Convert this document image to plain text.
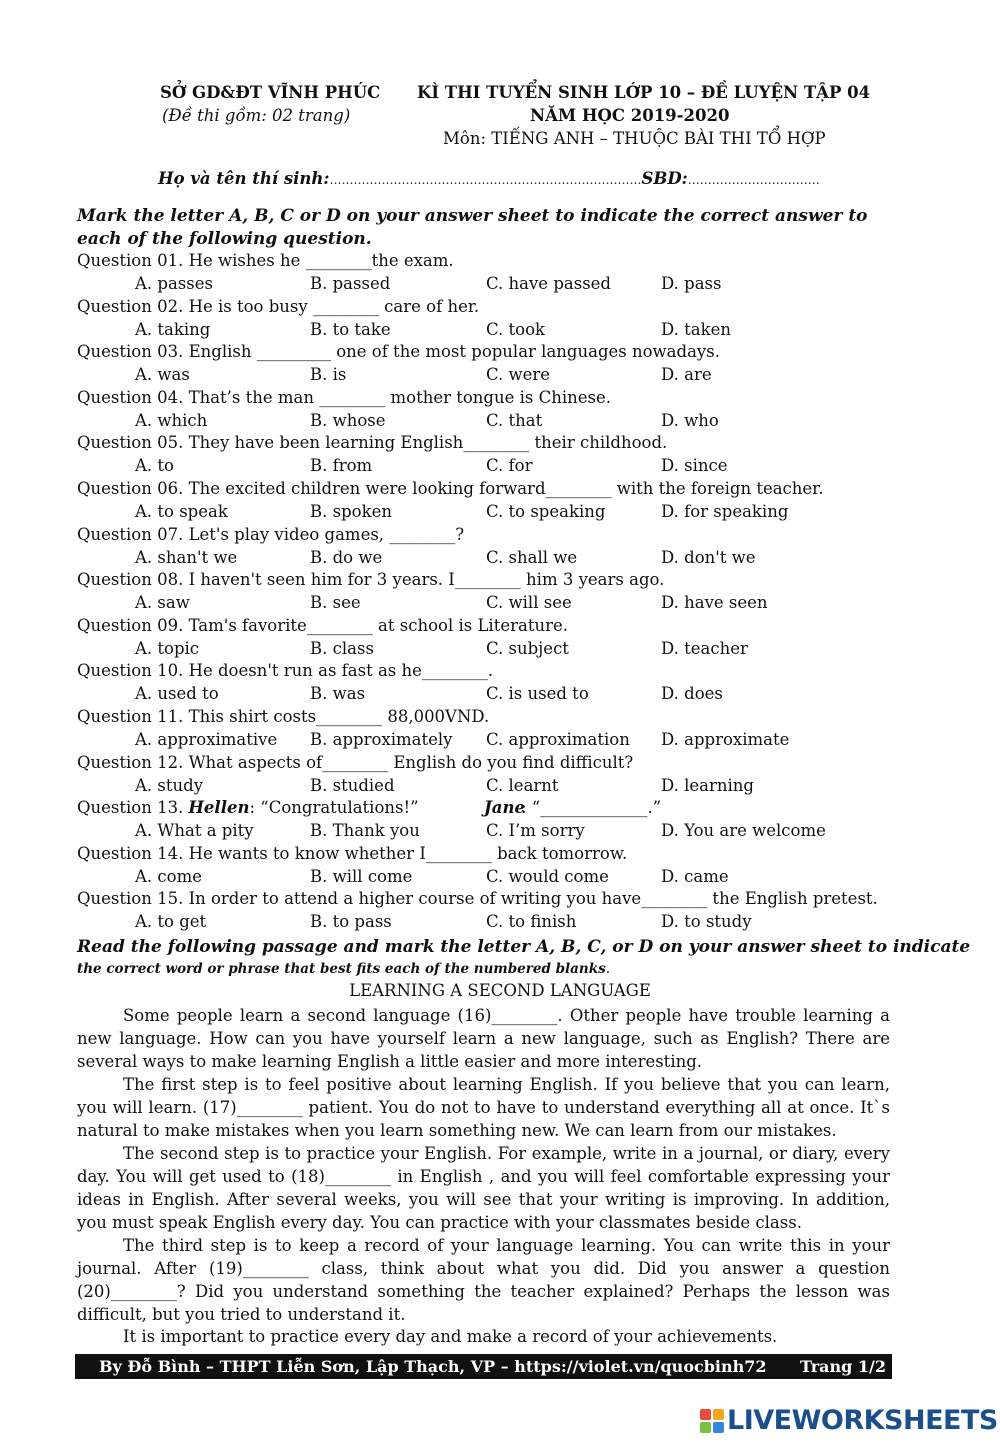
SỞ GD&ĐT VĨNH PHÚC
(Đề thi gồm: 02 trang)
KÌ THI TUYỂN SINH LỚP 10 – ĐỀ LUYỆN TẬP 04
NĂM HỌC 2019-2020
Môn: TIẾNG ANH – THUỘC BÀI THI TỔ HỢP
Họ và tên thí sinh:……………………………………………………………………SBD:……………………………
Mark the letter A, B, C or D on your answer sheet to indicate the correct answer to each of the following question.
Question 01. He wishes he ________the exam.
A. passes	B. passed	C. have passed	D. pass
Question 02. He is too busy ________ care of her.
A. taking	B. to take	C. took	D. taken
Question 03. English _________ one of the most popular languages nowadays.
A. was	B. is	C. were	D. are
Question 04. That’s the man ________ mother tongue is Chinese.
A. which	B. whose	C. that	D. who
Question 05. They have been learning English________ their childhood.
A. to	B. from	C. for	D. since
Question 06. The excited children were looking forward________ with the foreign teacher.
A. to speak	B. spoken	C. to speaking	D. for speaking
Question 07. Let's play video games, ________?
A. shan't we	B. do we	C. shall we	D. don't we
Question 08. I haven't seen him for 3 years. I________ him 3 years ago.
A. saw	B. see	C. will see	D. have seen
Question 09. Tam's favorite________ at school is Literature.
A. topic	B. class	C. subject	D. teacher
Question 10. He doesn't run as fast as he________.
A. used to	B. was	C. is used to	D. does
Question 11. This shirt costs________ 88,000VND.
A. approximative B. approximately C. approximation D. approximate
Question 12. What aspects of________ English do you find difficult?
A. study	B. studied	C. learnt	D. learning
Question 13. Hellen: “Congratulations!”	Jane
: “_____________.”
A. What a pity	B. Thank you	C. I’m sorry	D. You are welcome
Question 14. He wants to know whether I________ back tomorrow.
A. come	B. will come	C. would come	D. came
Question 15. In order to attend a higher course of writing you have________ the English pretest.
A. to get	B. to pass	C. to finish	D. to study
Read the following passage and mark the letter A, B, C, or D on your answer sheet to indicate
the correct word or phrase that best fits each of the numbered blanks.
LEARNING A SECOND LANGUAGE
Some people learn a second language (16)________. Other people have trouble learning a new language. How can you have yourself learn a new language, such as English? There are several ways to make learning English a little easier and more interesting.
The first step is to feel positive about learning English. If you believe that you can learn, you will learn. (17)________ patient. You do not to have to understand everything all at once. It`s natural to make mistakes when you learn something new. We can learn from our mistakes.
The second step is to practice your English. For example, write in a journal, or diary, every day. You will get used to (18)________ in English , and you will feel comfortable expressing your ideas in English. After several weeks, you will see that your writing is improving. In addition, you must speak English every day. You can practice with your classmates beside class.
The third step is to keep a record of your language learning. You can write this in your journal. After (19)________ class, think about what you did. Did you answer a question (20)________? Did you understand something the teacher explained? Perhaps the lesson was difficult, but you tried to understand it.
It is important to practice every day and make a record of your achievements.
By Đỗ Bình – THPT Liễn Sơn, Lập Thạch, VP – https://violet.vn/quocbinh72 Trang 1/2
LIVEWORKSHEETS
